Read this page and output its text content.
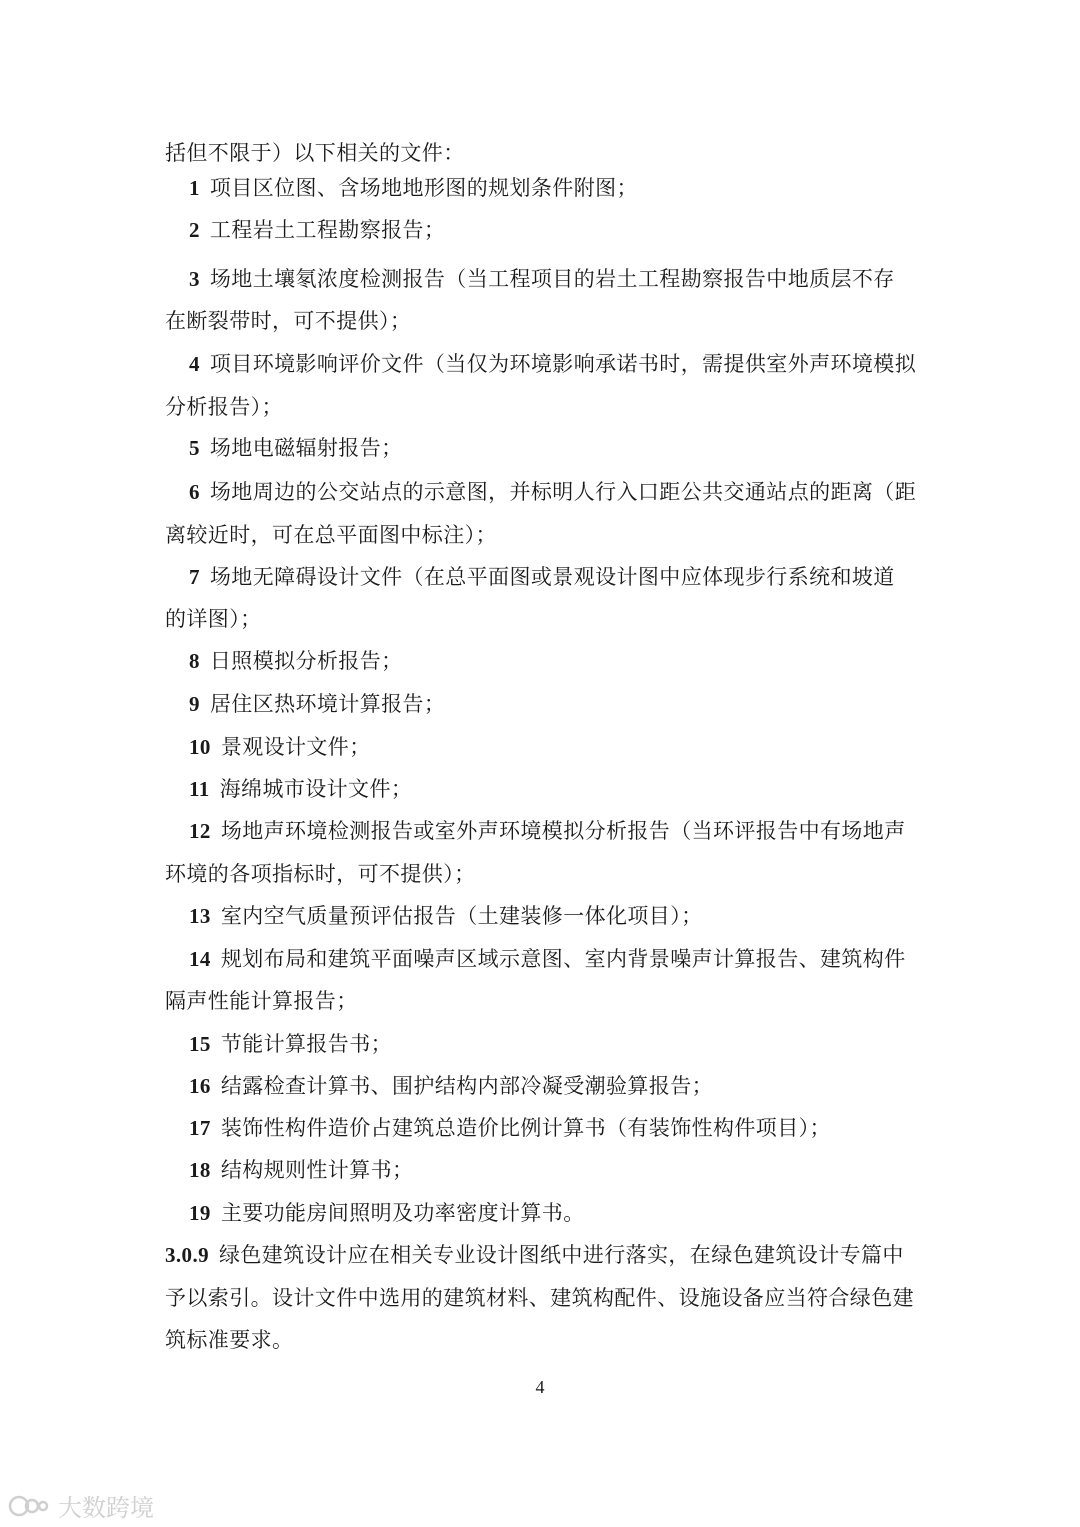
括但不限于）以下相关的文件：
1 项目区位图、含场地地形图的规划条件附图；
2 工程岩土工程勘察报告；
3 场地土壤氡浓度检测报告（当工程项目的岩土工程勘察报告中地质层不存
在断裂带时，可不提供）；
4 项目环境影响评价文件（当仅为环境影响承诺书时，需提供室外声环境模拟
分析报告）；
5 场地电磁辐射报告；
6 场地周边的公交站点的示意图，并标明人行入口距公共交通站点的距离（距
离较近时，可在总平面图中标注）；
7 场地无障碍设计文件（在总平面图或景观设计图中应体现步行系统和坡道
的详图）；
8 日照模拟分析报告；
9 居住区热环境计算报告；
10 景观设计文件；
11 海绵城市设计文件；
12 场地声环境检测报告或室外声环境模拟分析报告（当环评报告中有场地声
环境的各项指标时，可不提供）；
13 室内空气质量预评估报告（土建装修一体化项目）；
14 规划布局和建筑平面噪声区域示意图、室内背景噪声计算报告、建筑构件
隔声性能计算报告；
15 节能计算报告书；
16 结露检查计算书、围护结构内部冷凝受潮验算报告；
17 装饰性构件造价占建筑总造价比例计算书（有装饰性构件项目）；
18 结构规则性计算书；
19 主要功能房间照明及功率密度计算书。
3.0.9 绿色建筑设计应在相关专业设计图纸中进行落实，在绿色建筑设计专篇中
予以索引。设计文件中选用的建筑材料、建筑构配件、设施设备应当符合绿色建
筑标准要求。
4
大数跨境
